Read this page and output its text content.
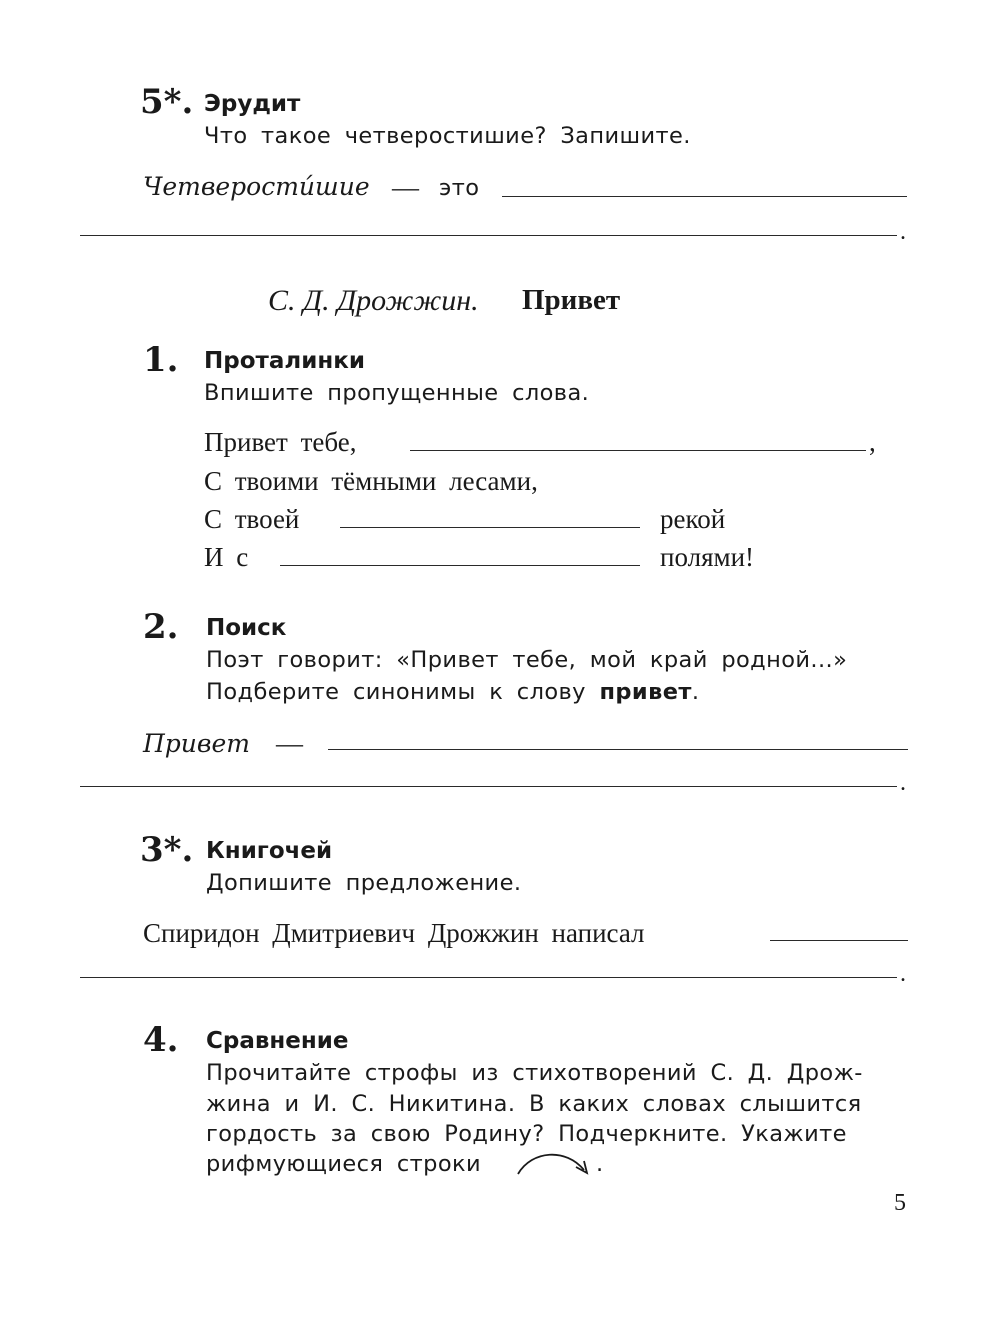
5*. Эрудит
Что такое четверостишие? Запишите.
Четверости́шие — это
.
С. Д. Дрожжин. Привет
1. Проталинки
Впишите пропущенные слова.
Привет тебе,	,
С твоими тёмными лесами,
С твоей	рекой
И с	полями!
2. Поиск
Поэт говорит: «Привет тебе, мой край родной...»
Подберите синонимы к слову привет.
Привет —
.
3*. Книгочей
Допишите предложение.
Спиридон Дмитриевич Дрожжин написал
.
4. Сравнение
Прочитайте строфы из стихотворений С. Д. Дрож-
жина и И. С. Никитина. В каких словах слышится
гордость за свою Родину? Подчеркните. Укажите
рифмующиеся строки	.
5
